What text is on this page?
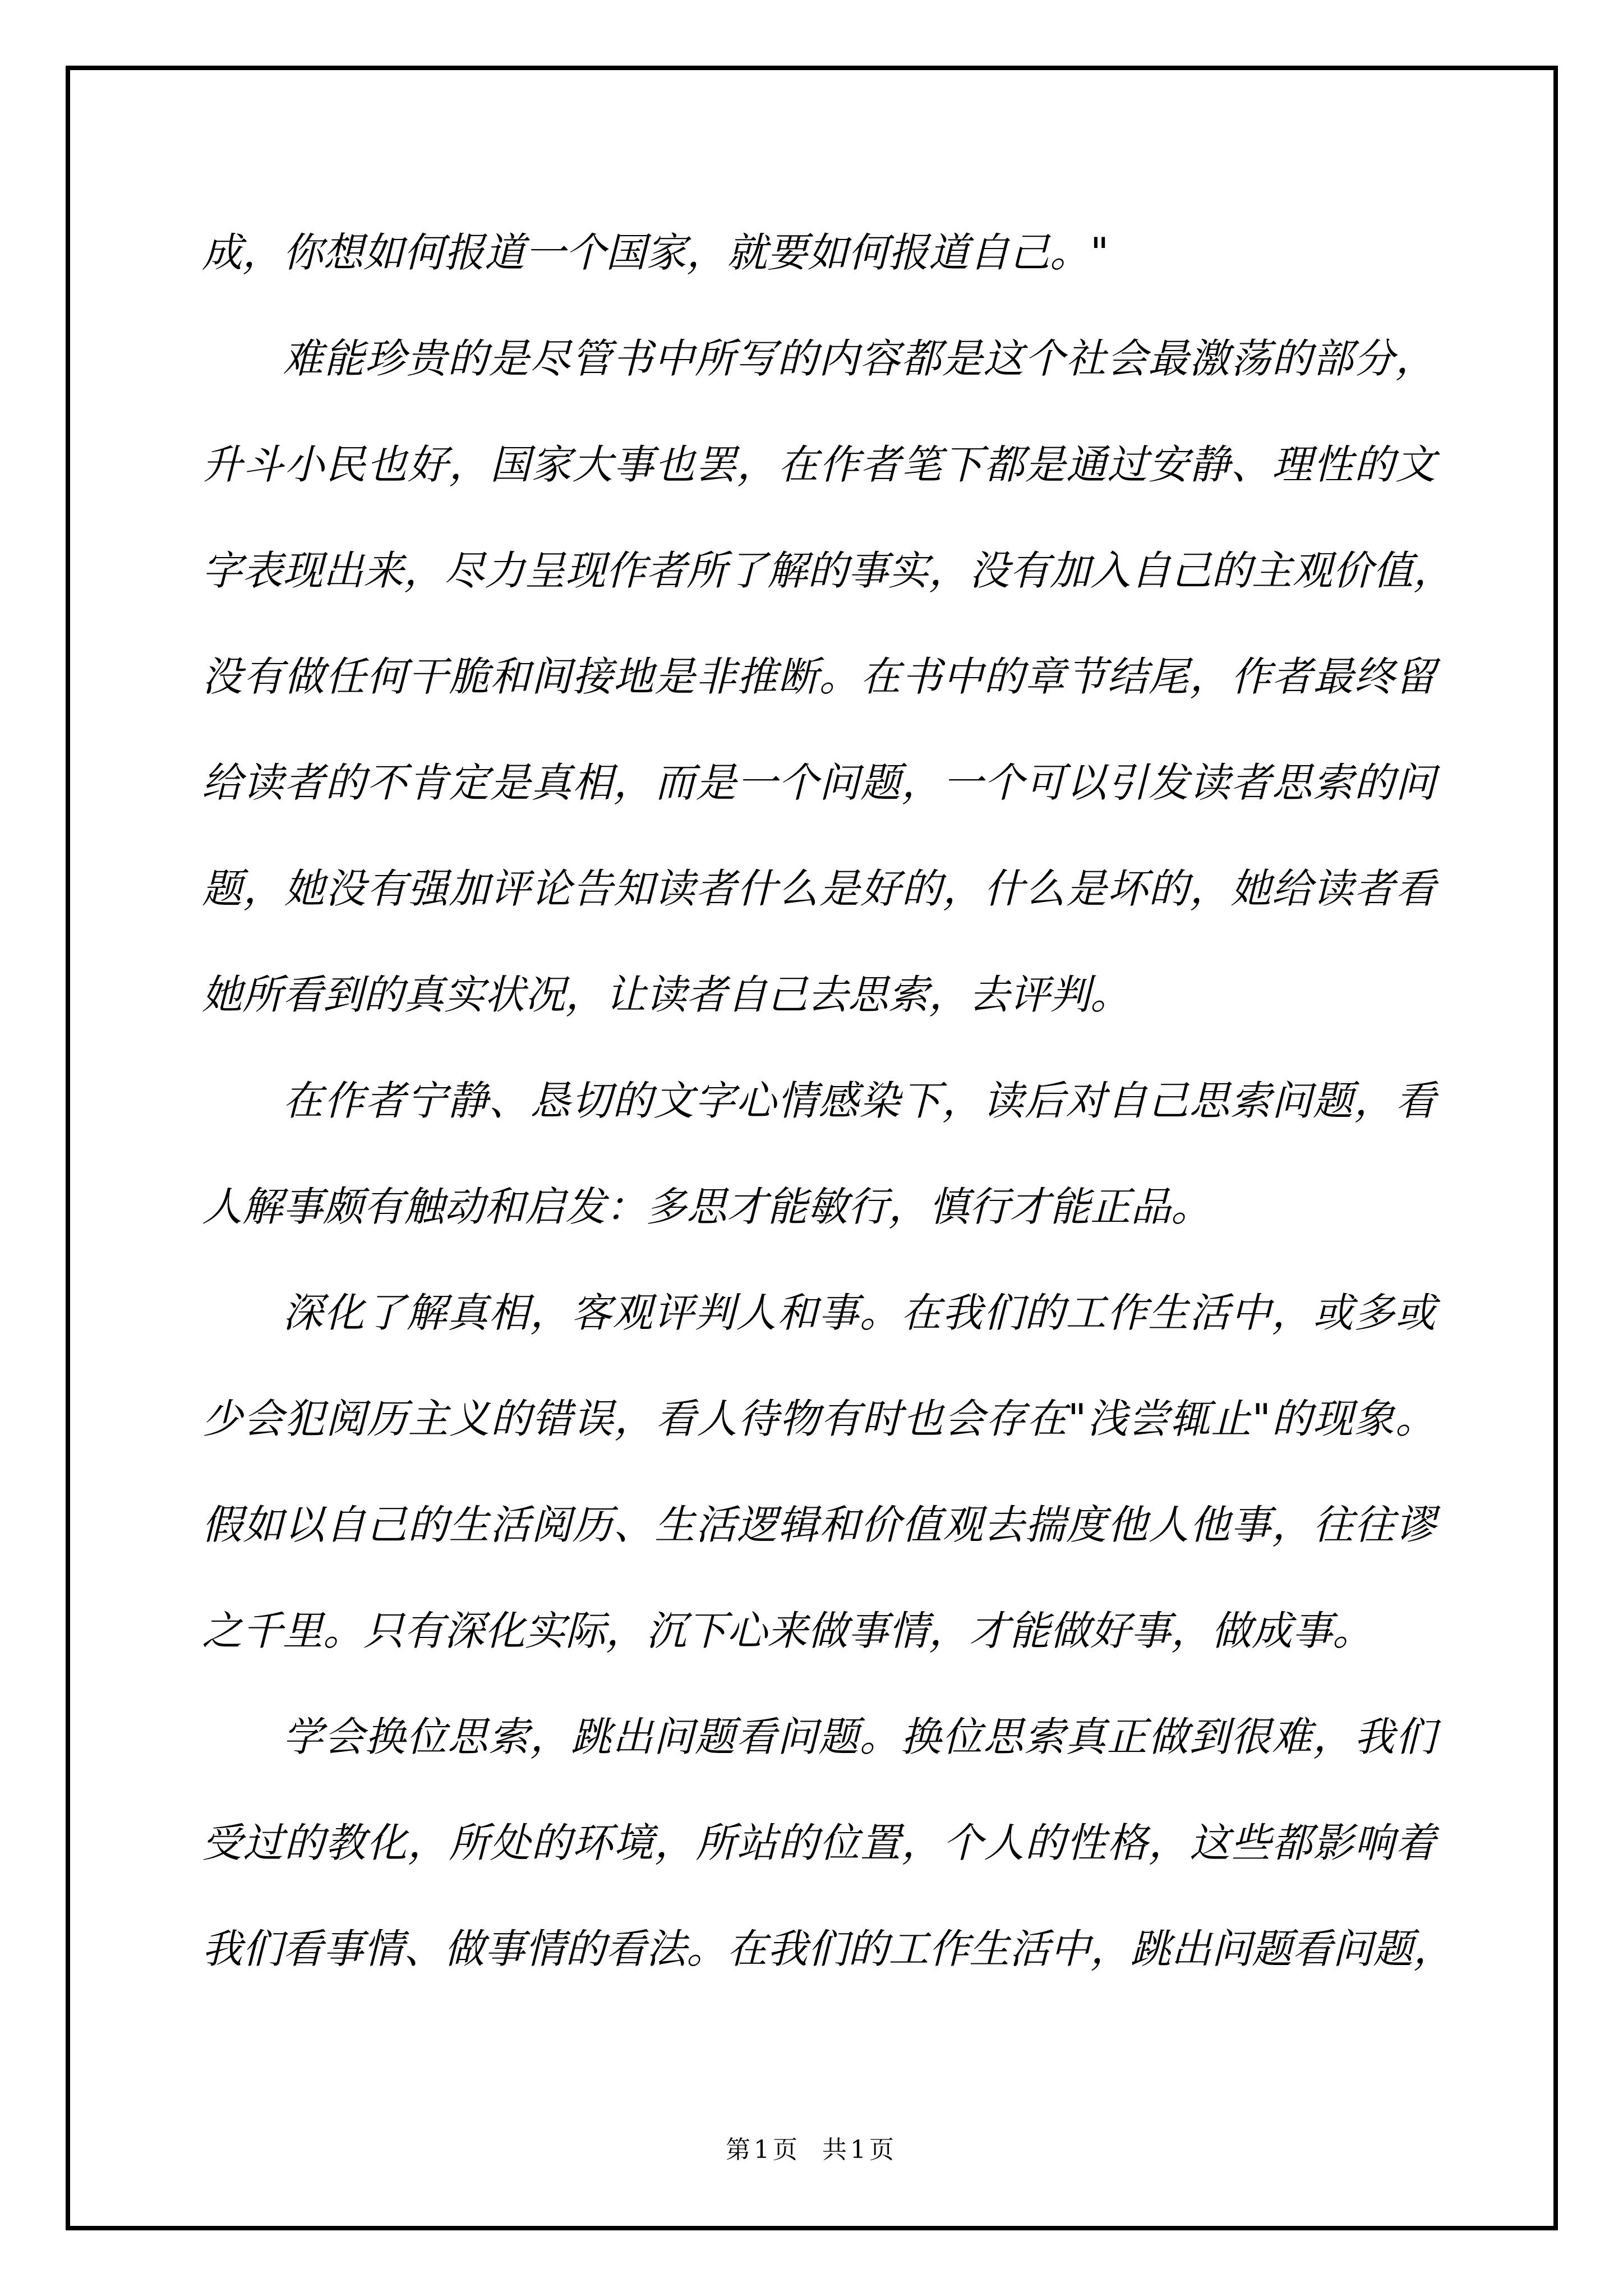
成，你想如何报道一个国家，就要如何报道自己。"
难能珍贵的是尽管书中所写的内容都是这个社会最激荡的部分，
升斗小民也好，国家大事也罢，在作者笔下都是通过安静、理性的文
字表现出来，尽力呈现作者所了解的事实，没有加入自己的主观价值，
没有做任何干脆和间接地是非推断。在书中的章节结尾，作者最终留
给读者的不肯定是真相，而是一个问题，一个可以引发读者思索的问
题，她没有强加评论告知读者什么是好的，什么是坏的，她给读者看
她所看到的真实状况，让读者自己去思索，去评判。
在作者宁静、恳切的文字心情感染下，读后对自己思索问题，看
人解事颇有触动和启发：多思才能敏行，慎行才能正品。
深化了解真相，客观评判人和事。在我们的工作生活中，或多或
少会犯阅历主义的错误，看人待物有时也会存在"浅尝辄止"的现象。
假如以自己的生活阅历、生活逻辑和价值观去揣度他人他事，往往谬
之千里。只有深化实际，沉下心来做事情，才能做好事，做成事。
学会换位思索，跳出问题看问题。换位思索真正做到很难，我们
受过的教化，所处的环境，所站的位置，个人的性格，这些都影响着
我们看事情、做事情的看法。在我们的工作生活中，跳出问题看问题，
第1页 共1页
